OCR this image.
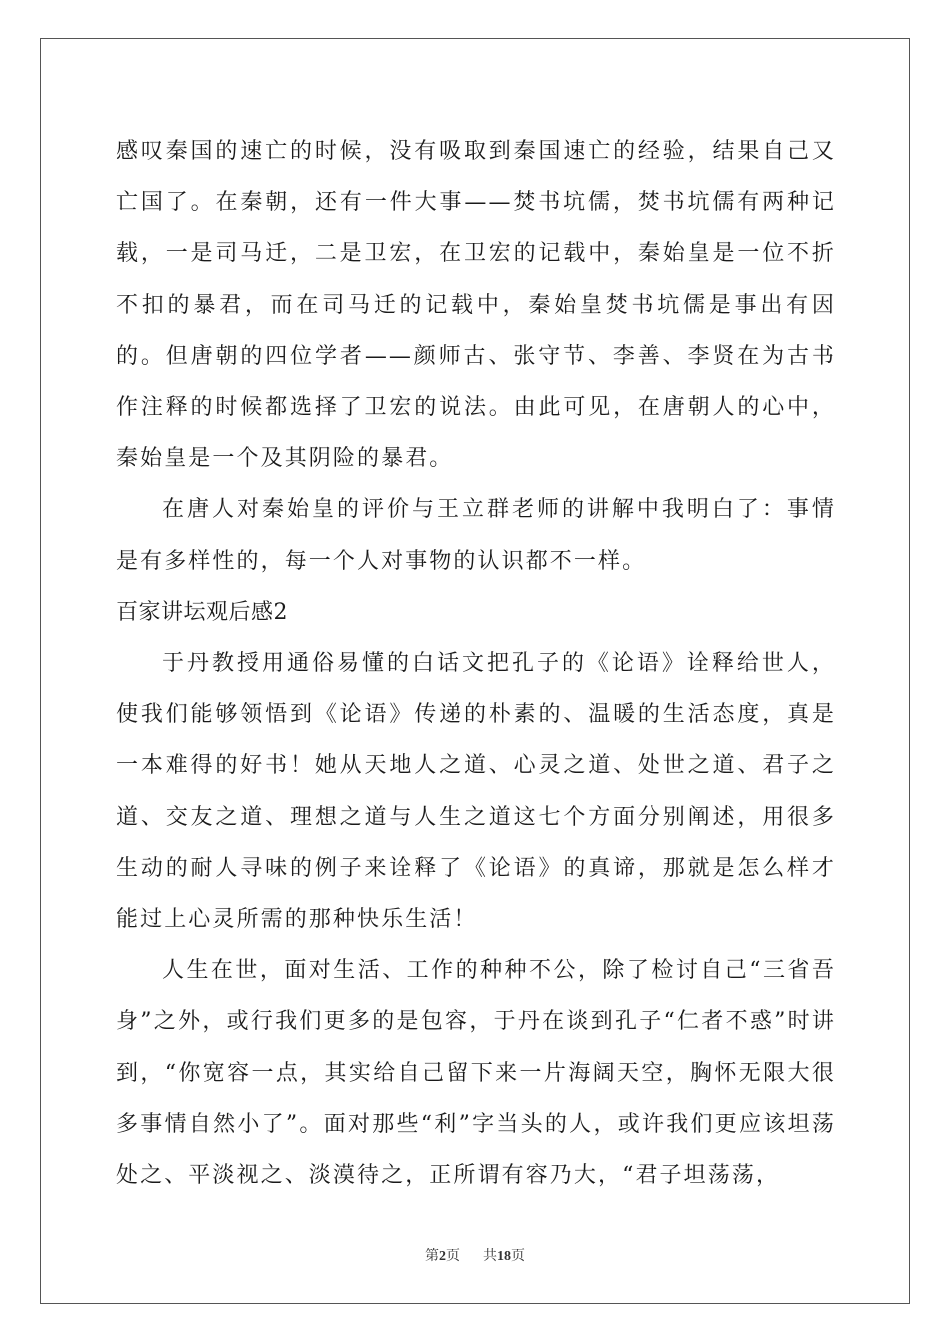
感叹秦国的速亡的时候，没有吸取到秦国速亡的经验，结果自己又亡国了。在秦朝，还有一件大事——焚书坑儒，焚书坑儒有两种记载，一是司马迁，二是卫宏，在卫宏的记载中，秦始皇是一位不折不扣的暴君，而在司马迁的记载中，秦始皇焚书坑儒是事出有因的。但唐朝的四位学者——颜师古、张守节、李善、李贤在为古书作注释的时候都选择了卫宏的说法。由此可见，在唐朝人的心中，秦始皇是一个及其阴险的暴君。

在唐人对秦始皇的评价与王立群老师的讲解中我明白了：事情是有多样性的，每一个人对事物的认识都不一样。

百家讲坛观后感2

于丹教授用通俗易懂的白话文把孔子的《论语》诠释给世人，使我们能够领悟到《论语》传递的朴素的、温暖的生活态度，真是一本难得的好书！她从天地人之道、心灵之道、处世之道、君子之道、交友之道、理想之道与人生之道这七个方面分别阐述，用很多生动的耐人寻味的例子来诠释了《论语》的真谛，那就是怎么样才能过上心灵所需的那种快乐生活！

人生在世，面对生活、工作的种种不公，除了检讨自己“三省吾身”之外，或行我们更多的是包容，于丹在谈到孔子“仁者不惑”时讲到，“你宽容一点，其实给自己留下来一片海阔天空，胸怀无限大很多事情自然小了”。面对那些“利”字当头的人，或许我们更应该坦荡处之、平淡视之、淡漠待之，正所谓有容乃大，“君子坦荡荡，

第2页 共18页
